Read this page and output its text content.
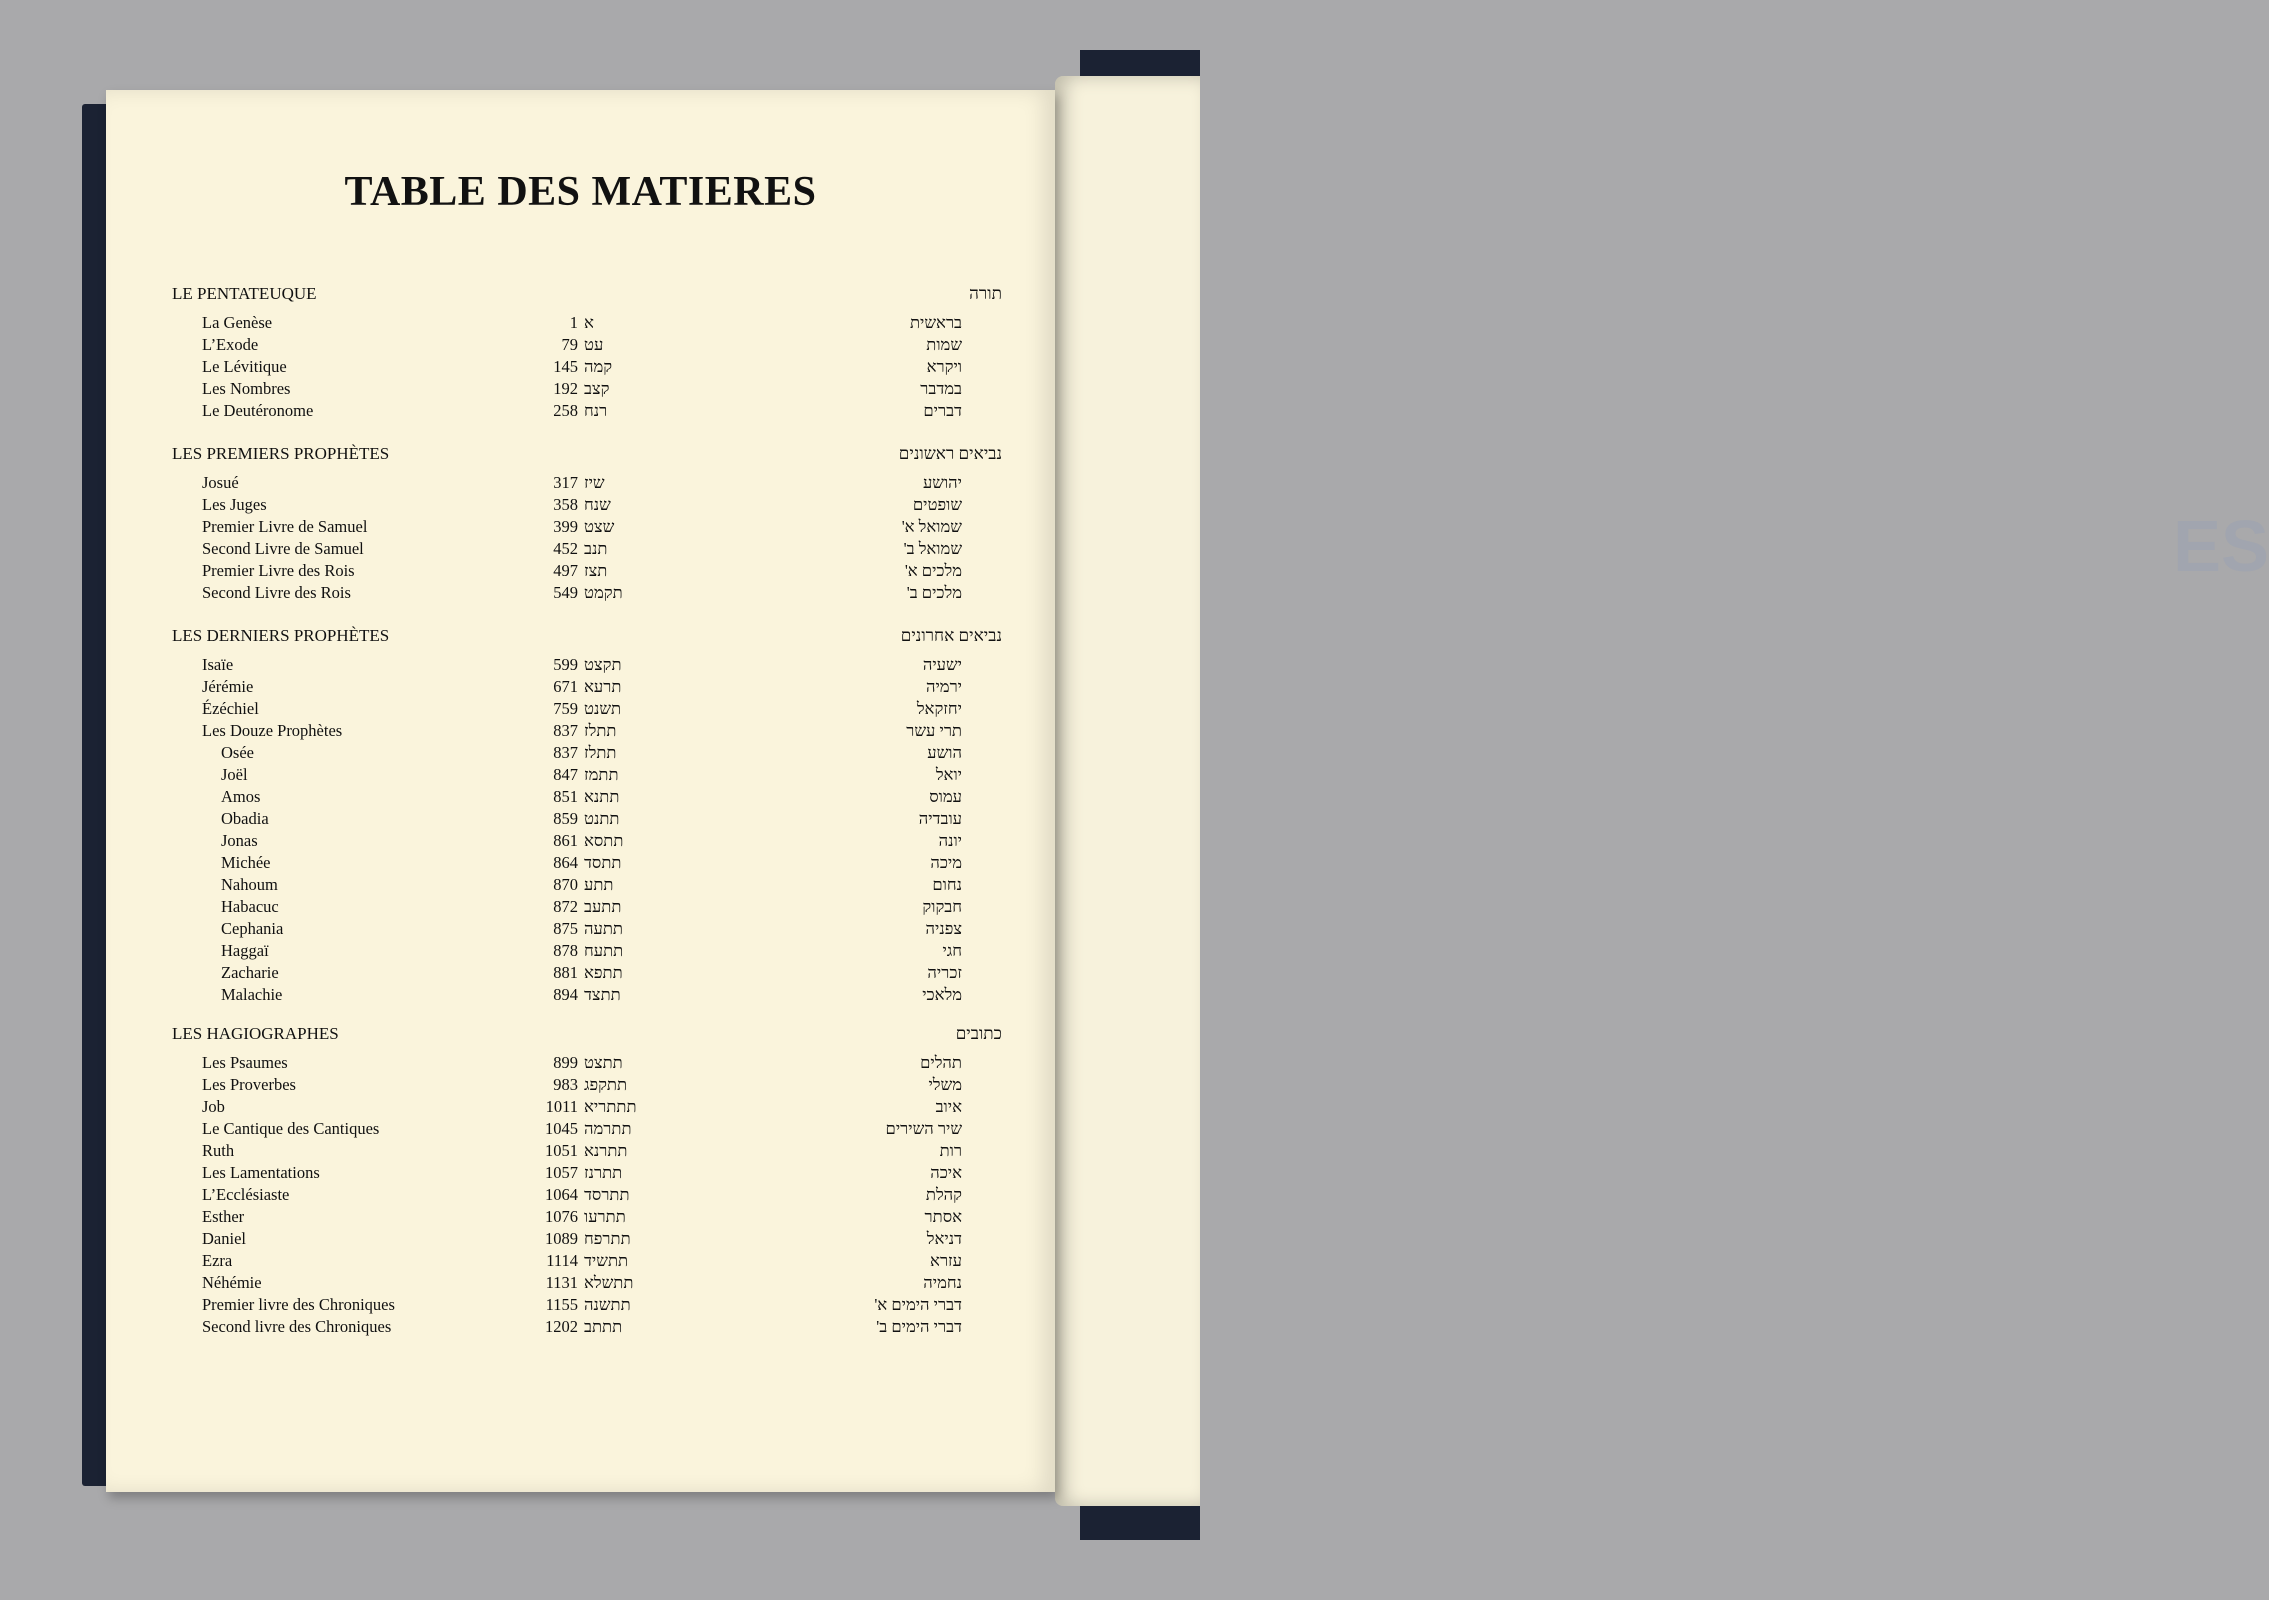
ES
TABLE DES MATIERES
LE PENTATEUQUE	תורה
La Genèse	1 א	בראשית
L’Exode	79 עט	שמות
Le Lévitique	145 קמה	ויקרא
Les Nombres	192 קצב	במדבר
Le Deutéronome	258 רנח	דברים
LES PREMIERS PROPHÈTES	נביאים ראשונים
Josué	317 שיז	יהושע
Les Juges	358 שנח	שופטים
Premier Livre de Samuel	399 שצט	שמואל א'
Second Livre de Samuel	452 תנב	שמואל ב'
Premier Livre des Rois	497 תצז	מלכים א'
Second Livre des Rois	549 תקמט	מלכים ב'
LES DERNIERS PROPHÈTES	נביאים אחרונים
Isaïe	599 תקצט	ישעיה
Jérémie	671 תרעא	ירמיה
Ézéchiel	759 תשנט	יחזקאל
Les Douze Prophètes	837 תתלז	תרי עשר
Osée	837 תתלז	הושע
Joël	847 תתמז	יואל
Amos	851 תתנא	עמוס
Obadia	859 תתנט	עובדיה
Jonas	861 תתסא	יונה
Michée	864 תתסד	מיכה
Nahoum	870 תתע	נחום
Habacuc	872 תתעב	חבקוק
Cephania	875 תתעה	צפניה
Haggaï	878 תתעח	חגי
Zacharie	881 תתפא	זכריה
Malachie	894 תתצד	מלאכי
LES HAGIOGRAPHES	כתובים
Les Psaumes	899 תתצט	תהלים
Les Proverbes	983 תתקפג	משלי
Job	1011 תתתריא	איוב
Le Cantique des Cantiques	1045 תתרמה	שיר השירים
Ruth	1051 תתרנא	רות
Les Lamentations	1057 תתרנז	איכה
L’Ecclésiaste	1064 תתרסד	קהלת
Esther	1076 תתרעו	אסתר
Daniel	1089 תתרפח	דניאל
Ezra	1114 תתשיד	עזרא
Néhémie	1131 תתשלא	נחמיה
Premier livre des Chroniques	1155 תתשנה	דברי הימים א'
Second livre des Chroniques	1202 תתתב	דברי הימים ב'
